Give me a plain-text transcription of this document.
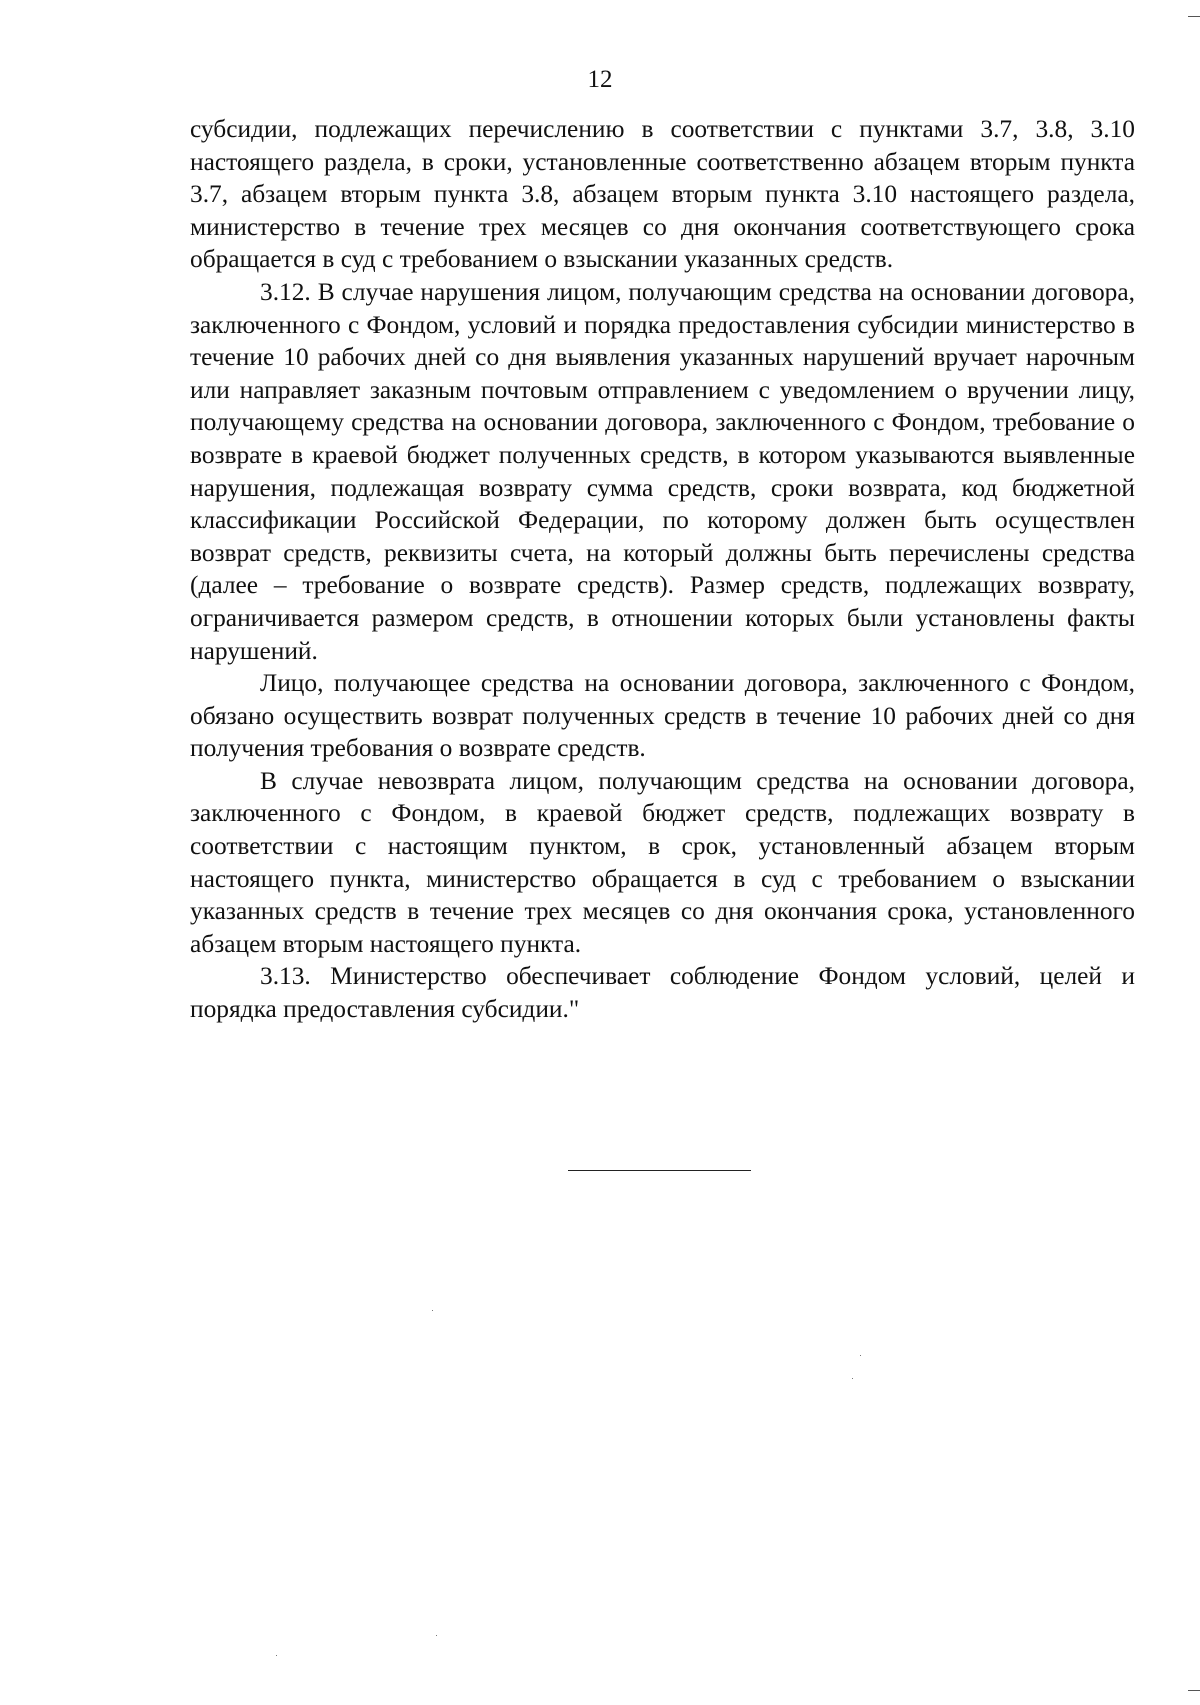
12

субсидии, подлежащих перечислению в соответствии с пунктами 3.7, 3.8, 3.10 настоящего раздела, в сроки, установленные соответственно абзацем вторым пункта 3.7, абзацем вторым пункта 3.8, абзацем вторым пункта 3.10 настоящего раздела, министерство в течение трех месяцев со дня окончания соответствующего срока обращается в суд с требованием о взыскании указанных средств.

3.12. В случае нарушения лицом, получающим средства на основании договора, заключенного с Фондом, условий и порядка предоставления субсидии министерство в течение 10 рабочих дней со дня выявления указанных нарушений вручает нарочным или направляет заказным почтовым отправлением с уведомлением о вручении лицу, получающему средства на основании договора, заключенного с Фондом, требование о возврате в краевой бюджет полученных средств, в котором указываются выявленные нарушения, подлежащая возврату сумма средств, сроки возврата, код бюджетной классификации Российской Федерации, по которому должен быть осуществлен возврат средств, реквизиты счета, на который должны быть перечислены средства (далее – требование о возврате средств). Размер средств, подлежащих возврату, ограничивается размером средств, в отношении которых были установлены факты нарушений.

Лицо, получающее средства на основании договора, заключенного с Фондом, обязано осуществить возврат полученных средств в течение 10 рабочих дней со дня получения требования о возврате средств.

В случае невозврата лицом, получающим средства на основании договора, заключенного с Фондом, в краевой бюджет средств, подлежащих возврату в соответствии с настоящим пунктом, в срок, установленный абзацем вторым настоящего пункта, министерство обращается в суд с требованием о взыскании указанных средств в течение трех месяцев со дня окончания срока, установленного абзацем вторым настоящего пункта.

3.13. Министерство обеспечивает соблюдение Фондом условий, целей и порядка предоставления субсидии."
